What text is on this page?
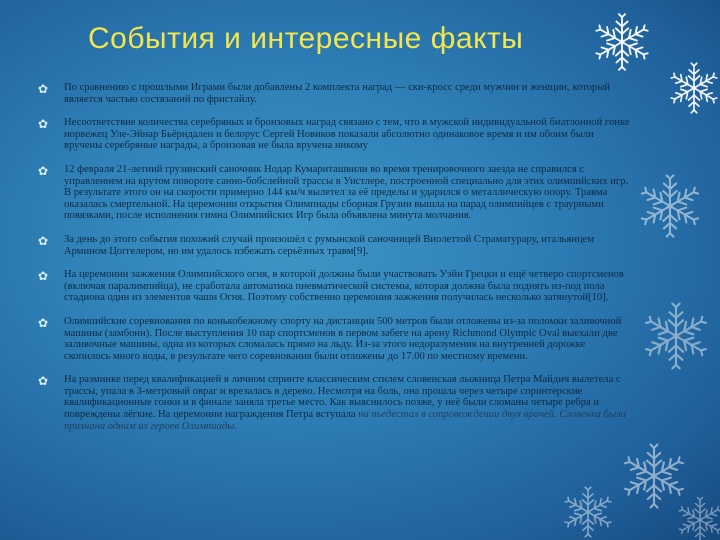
События и интересные факты
✿	По сравнению с прошлыми Играми были добавлены 2 комплекта наград — ски-кросс среди мужчин и женщин, который является частью состязаний по фристайлу.
✿	Несоответствие количества серебряных и бронзовых наград связано с тем, что в мужской индивидуальной биатлонной гонке норвежец Уле-Эйнар Бьёрндален и белорус Сергей Новиков показали абсолютно одинаковое время и им обоим были вручены серебряные награды, а бронзовая не была вручена никому
✿	12 февраля 21-летний грузинский саночник Нодар Кумариташвили во время тренировочного заезда не справился с управлением на крутом повороте санно-бобслейной трассы в Уистлере, построенной специально для этих олимпийских игр. В результате этого он на скорости примерно 144 км/ч вылетел за её пределы и ударился о металлическую опору. Травма оказалась смертельной. На церемонии открытия Олимпиады сборная Грузии вышла на парад олимпийцев с траурными повязками, после исполнения гимна Олимпийских Игр была объявлена минута молчания.
✿	За день до этого события похожий случай произошёл с румынской саночницей Виолеттой Страматурару, итальянцем Армином Цоггелером, но им удалось избежать серьёзных травм[9].
✿	На церемонии зажжения Олимпийского огня, в которой должны были участвовать Уэйн Грецки и ещё четверо спортсменов (включая паралимпийца), не сработала автоматика пневматической системы, которая должна была поднять из-под пола стадиона один из элементов чаши Огня. Поэтому собственно церемония зажжения получилась несколько затянутой[10].
✿	Олимпийские соревнования по конькобежному спорту на дистанции 500 метров были отложены из-за поломки заливочной машины (замбони). После выступления 10 пар спортсменов в первом забеге на арену Richmond Olympic Oval выехали две заливочные машины, одна из которых сломалась прямо на льду. Из-за этого недоразумения на внутренней дорожке скопилось много воды, в результате чего соревнования были отложены до 17.00 по местному времени.
✿	На разминке перед квалификацией в личном спринте классическим стилем словенская лыжница Петра Майдич вылетела с трассы, упала в 3-метровый овраг и врезалась в дерево. Несмотря на боль, она прошла через четыре спринтерские квалификационные гонки и в финале заняла третье место. Как выяснилось позже, у неё были сломаны четыре ребра и повреждены лёгкие. На церемонии награждения Петра вступала на пьедестал в сопровождении двух врачей. Словенка была признана одним из героев Олимпиады.
